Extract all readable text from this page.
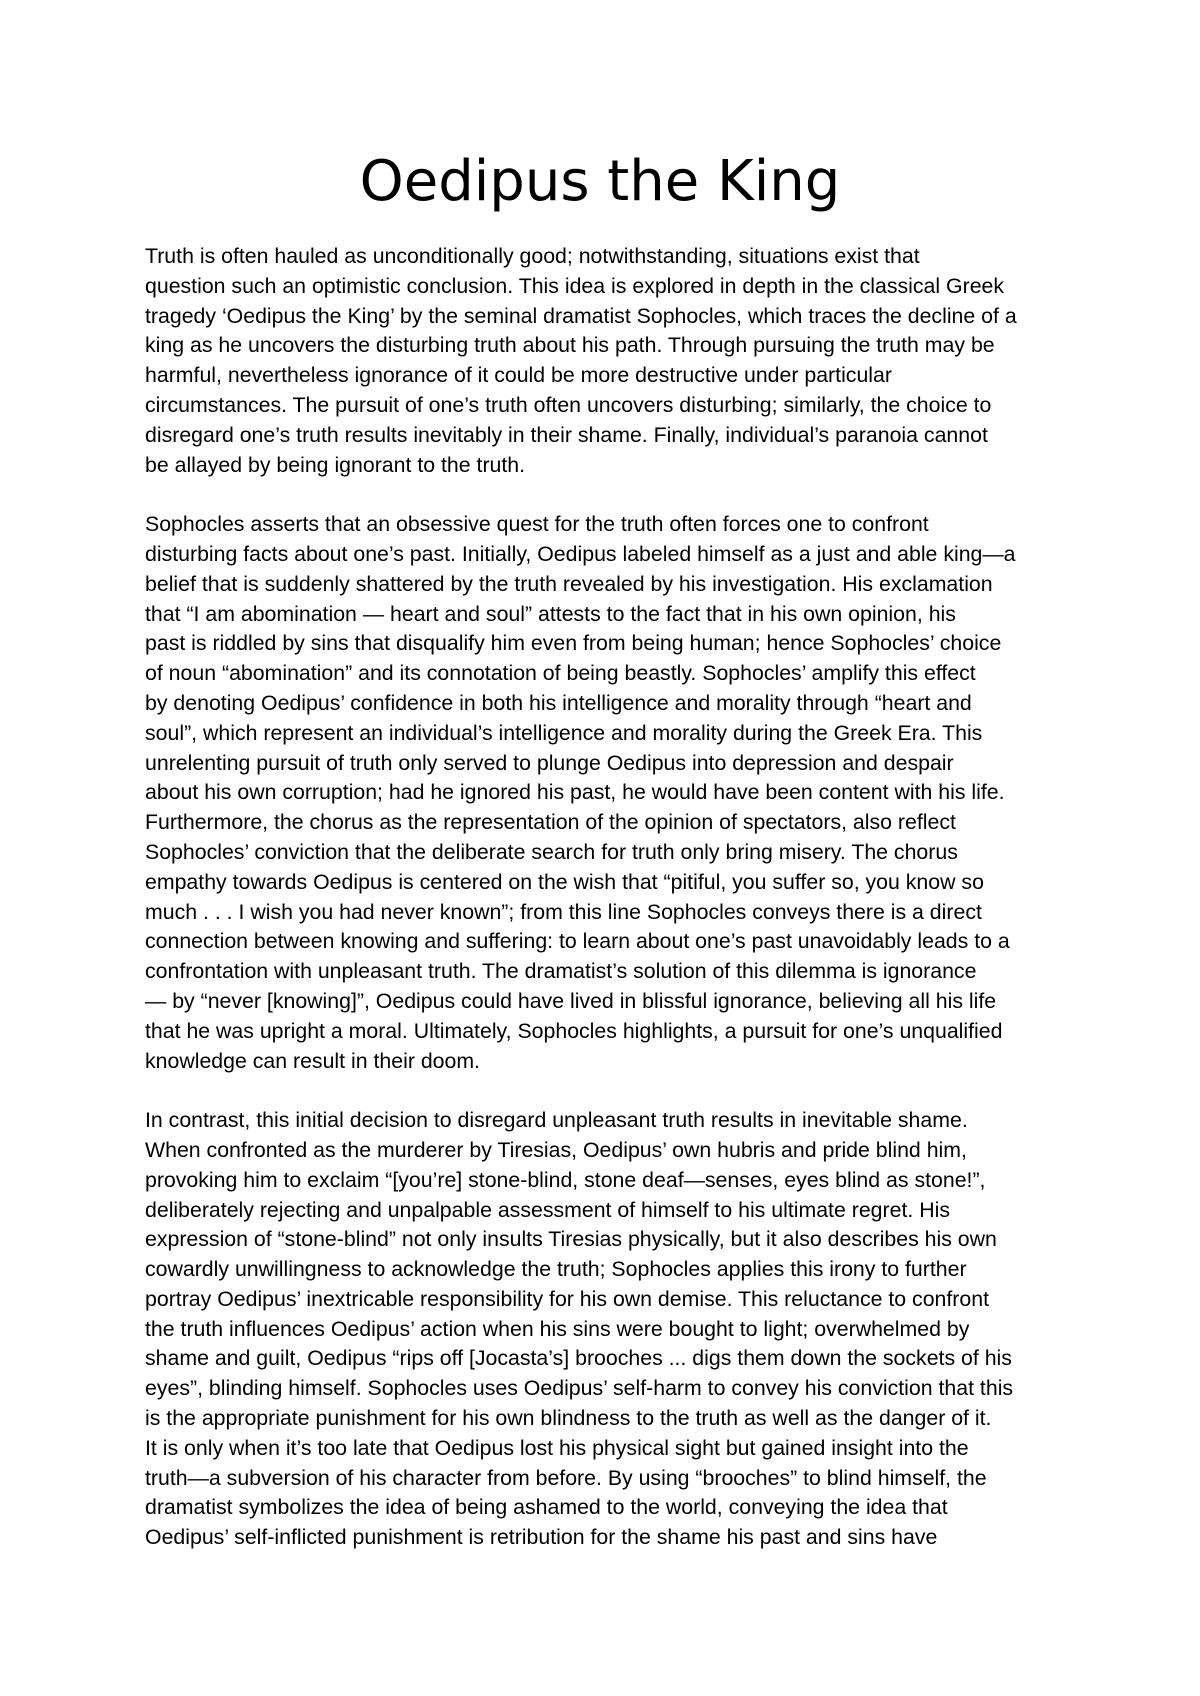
Oedipus the King
Truth is often hauled as unconditionally good; notwithstanding, situations exist that
question such an optimistic conclusion. This idea is explored in depth in the classical Greek
tragedy ‘Oedipus the King’ by the seminal dramatist Sophocles, which traces the decline of a
king as he uncovers the disturbing truth about his path. Through pursuing the truth may be
harmful, nevertheless ignorance of it could be more destructive under particular
circumstances. The pursuit of one’s truth often uncovers disturbing; similarly, the choice to
disregard one’s truth results inevitably in their shame. Finally, individual’s paranoia cannot
be allayed by being ignorant to the truth.
Sophocles asserts that an obsessive quest for the truth often forces one to confront
disturbing facts about one’s past. Initially, Oedipus labeled himself as a just and able king—a
belief that is suddenly shattered by the truth revealed by his investigation. His exclamation
that “I am abomination — heart and soul” attests to the fact that in his own opinion, his
past is riddled by sins that disqualify him even from being human; hence Sophocles’ choice
of noun “abomination” and its connotation of being beastly. Sophocles’ amplify this effect
by denoting Oedipus’ confidence in both his intelligence and morality through “heart and
soul”, which represent an individual’s intelligence and morality during the Greek Era. This
unrelenting pursuit of truth only served to plunge Oedipus into depression and despair
about his own corruption; had he ignored his past, he would have been content with his life.
Furthermore, the chorus as the representation of the opinion of spectators, also reflect
Sophocles’ conviction that the deliberate search for truth only bring misery. The chorus
empathy towards Oedipus is centered on the wish that “pitiful, you suffer so, you know so
much . . . I wish you had never known”; from this line Sophocles conveys there is a direct
connection between knowing and suffering: to learn about one’s past unavoidably leads to a
confrontation with unpleasant truth. The dramatist’s solution of this dilemma is ignorance
— by “never [knowing]”, Oedipus could have lived in blissful ignorance, believing all his life
that he was upright a moral. Ultimately, Sophocles highlights, a pursuit for one’s unqualified
knowledge can result in their doom.
In contrast, this initial decision to disregard unpleasant truth results in inevitable shame.
When confronted as the murderer by Tiresias, Oedipus’ own hubris and pride blind him,
provoking him to exclaim “[you’re] stone-blind, stone deaf—senses, eyes blind as stone!”,
deliberately rejecting and unpalpable assessment of himself to his ultimate regret. His
expression of “stone-blind” not only insults Tiresias physically, but it also describes his own
cowardly unwillingness to acknowledge the truth; Sophocles applies this irony to further
portray Oedipus’ inextricable responsibility for his own demise. This reluctance to confront
the truth influences Oedipus’ action when his sins were bought to light; overwhelmed by
shame and guilt, Oedipus “rips off [Jocasta’s] brooches ... digs them down the sockets of his
eyes”, blinding himself. Sophocles uses Oedipus’ self-harm to convey his conviction that this
is the appropriate punishment for his own blindness to the truth as well as the danger of it.
It is only when it’s too late that Oedipus lost his physical sight but gained insight into the
truth—a subversion of his character from before. By using “brooches” to blind himself, the
dramatist symbolizes the idea of being ashamed to the world, conveying the idea that
Oedipus’ self-inflicted punishment is retribution for the shame his past and sins have
